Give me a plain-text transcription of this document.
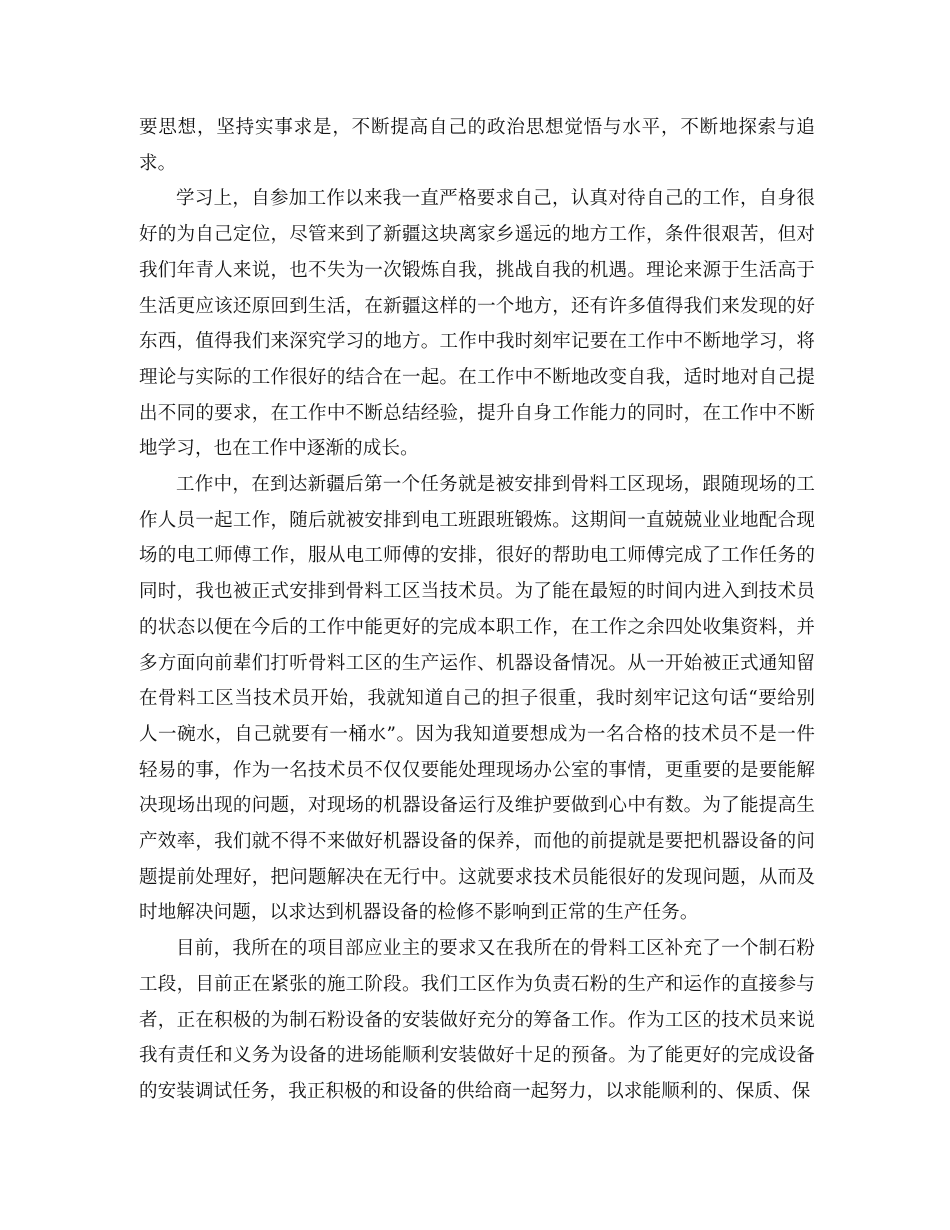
要思想，坚持实事求是，不断提高自己的政治思想觉悟与水平，不断地探索与追求。

学习上，自参加工作以来我一直严格要求自己，认真对待自己的工作，自身很好的为自己定位，尽管来到了新疆这块离家乡遥远的地方工作，条件很艰苦，但对我们年青人来说，也不失为一次锻炼自我，挑战自我的机遇。理论来源于生活高于生活更应该还原回到生活，在新疆这样的一个地方，还有许多值得我们来发现的好东西，值得我们来深究学习的地方。工作中我时刻牢记要在工作中不断地学习，将理论与实际的工作很好的结合在一起。在工作中不断地改变自我，适时地对自己提出不同的要求，在工作中不断总结经验，提升自身工作能力的同时，在工作中不断地学习，也在工作中逐渐的成长。

工作中，在到达新疆后第一个任务就是被安排到骨料工区现场，跟随现场的工作人员一起工作，随后就被安排到电工班跟班锻炼。这期间一直兢兢业业地配合现场的电工师傅工作，服从电工师傅的安排，很好的帮助电工师傅完成了工作任务的同时，我也被正式安排到骨料工区当技术员。为了能在最短的时间内进入到技术员的状态以便在今后的工作中能更好的完成本职工作，在工作之余四处收集资料，并多方面向前辈们打听骨料工区的生产运作、机器设备情况。从一开始被正式通知留在骨料工区当技术员开始，我就知道自己的担子很重，我时刻牢记这句话“要给别人一碗水，自己就要有一桶水”。因为我知道要想成为一名合格的技术员不是一件轻易的事，作为一名技术员不仅仅要能处理现场办公室的事情，更重要的是要能解决现场出现的问题，对现场的机器设备运行及维护要做到心中有数。为了能提高生产效率，我们就不得不来做好机器设备的保养，而他的前提就是要把机器设备的问题提前处理好，把问题解决在无行中。这就要求技术员能很好的发现问题，从而及时地解决问题，以求达到机器设备的检修不影响到正常的生产任务。

目前，我所在的项目部应业主的要求又在我所在的骨料工区补充了一个制石粉工段，目前正在紧张的施工阶段。我们工区作为负责石粉的生产和运作的直接参与者，正在积极的为制石粉设备的安装做好充分的筹备工作。作为工区的技术员来说我有责任和义务为设备的进场能顺利安装做好十足的预备。为了能更好的完成设备的安装调试任务，我正积极的和设备的供给商一起努力，以求能顺利的、保质、保
